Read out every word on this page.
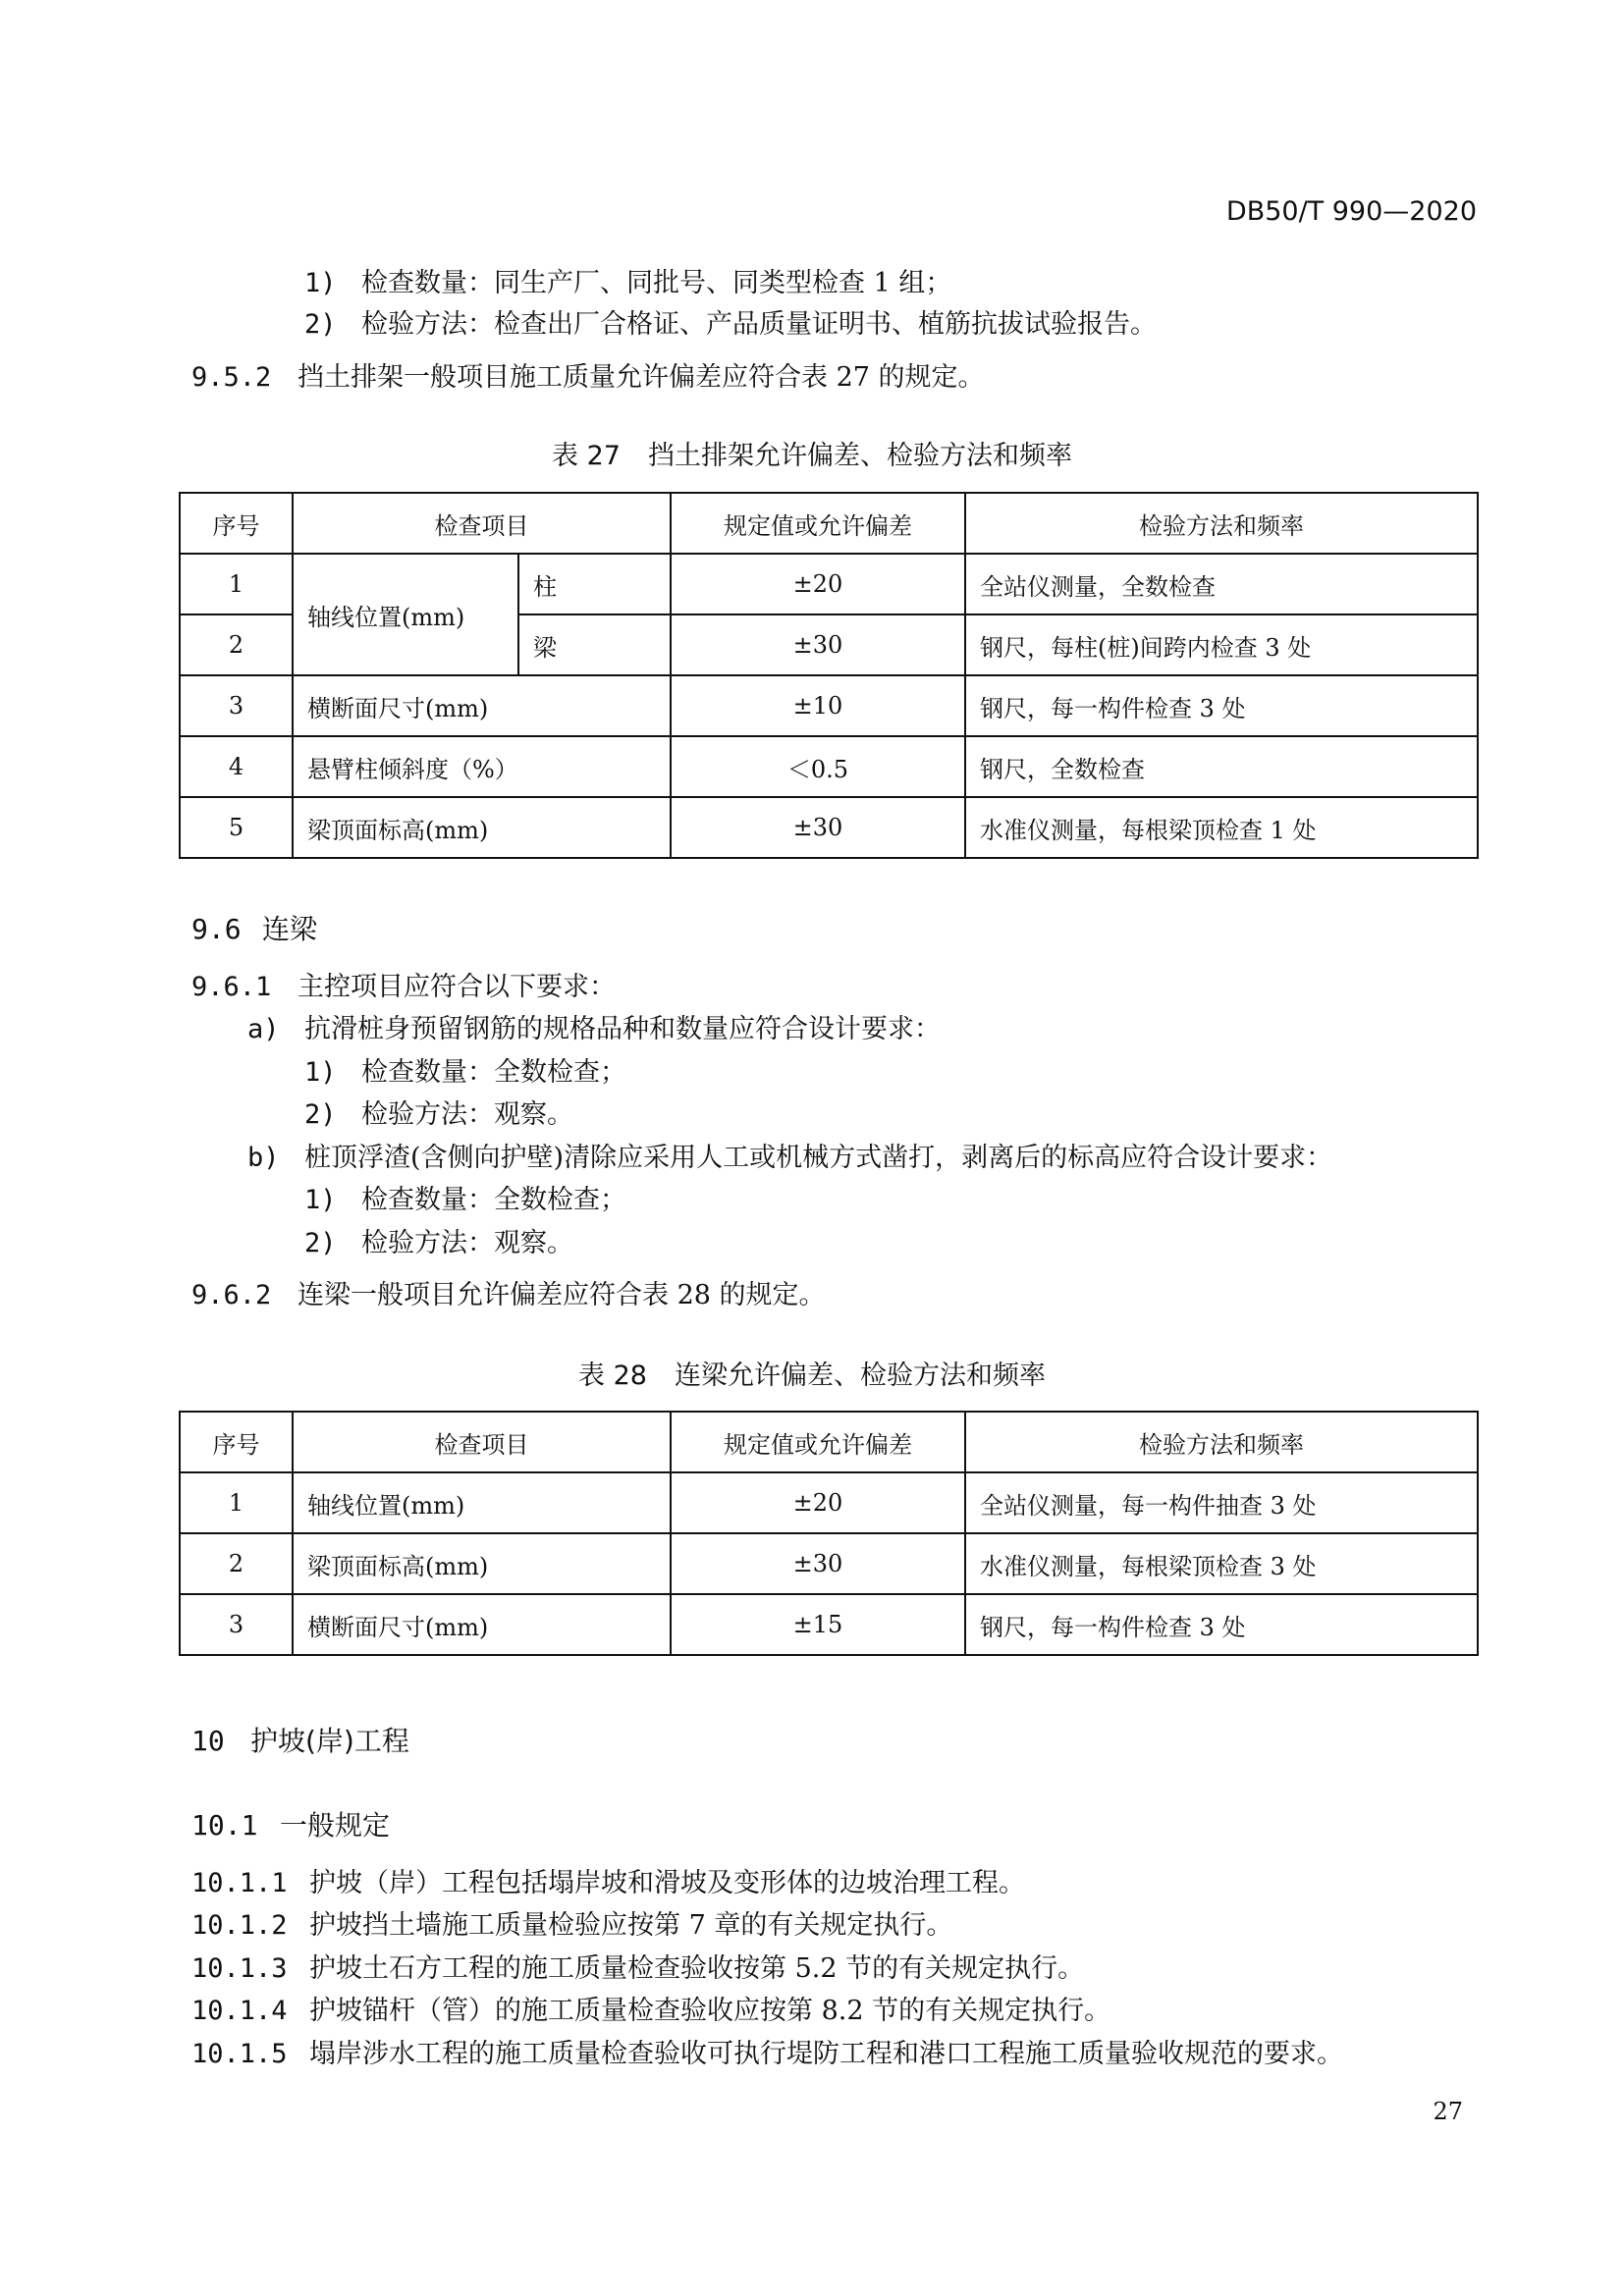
DB50/T 990—2020
1) 检查数量：同生产厂、同批号、同类型检查 1 组；
2) 检验方法：检查出厂合格证、产品质量证明书、植筋抗拔试验报告。
9.5.2 挡土排架一般项目施工质量允许偏差应符合表 27 的规定。
表 27 挡土排架允许偏差、检验方法和频率
序号	检查项目		规定值或允许偏差	检验方法和频率
1	轴线位置(mm)	柱	±20	全站仪测量，全数检查
2		梁	±30	钢尺，每柱(桩)间跨内检查 3 处
3	横断面尺寸(mm)		±10	钢尺，每一构件检查 3 处
4	悬臂柱倾斜度（%）		＜0.5	钢尺，全数检查
5	梁顶面标高(mm)		±30	水准仪测量，每根梁顶检查 1 处
9.6 连梁
9.6.1 主控项目应符合以下要求：
a) 抗滑桩身预留钢筋的规格品种和数量应符合设计要求：
1) 检查数量：全数检查；
2) 检验方法：观察。
b) 桩顶浮渣(含侧向护壁)清除应采用人工或机械方式凿打，剥离后的标高应符合设计要求：
1) 检查数量：全数检查；
2) 检验方法：观察。
9.6.2 连梁一般项目允许偏差应符合表 28 的规定。
表 28 连梁允许偏差、检验方法和频率
序号	检查项目	规定值或允许偏差	检验方法和频率
1	轴线位置(mm)	±20	全站仪测量，每一构件抽查 3 处
2	梁顶面标高(mm)	±30	水准仪测量，每根梁顶检查 3 处
3	横断面尺寸(mm)	±15	钢尺，每一构件检查 3 处
10 护坡(岸)工程
10.1 一般规定
10.1.1 护坡（岸）工程包括塌岸坡和滑坡及变形体的边坡治理工程。
10.1.2 护坡挡土墙施工质量检验应按第 7 章的有关规定执行。
10.1.3 护坡土石方工程的施工质量检查验收按第 5.2 节的有关规定执行。
10.1.4 护坡锚杆（管）的施工质量检查验收应按第 8.2 节的有关规定执行。
10.1.5 塌岸涉水工程的施工质量检查验收可执行堤防工程和港口工程施工质量验收规范的要求。
27
